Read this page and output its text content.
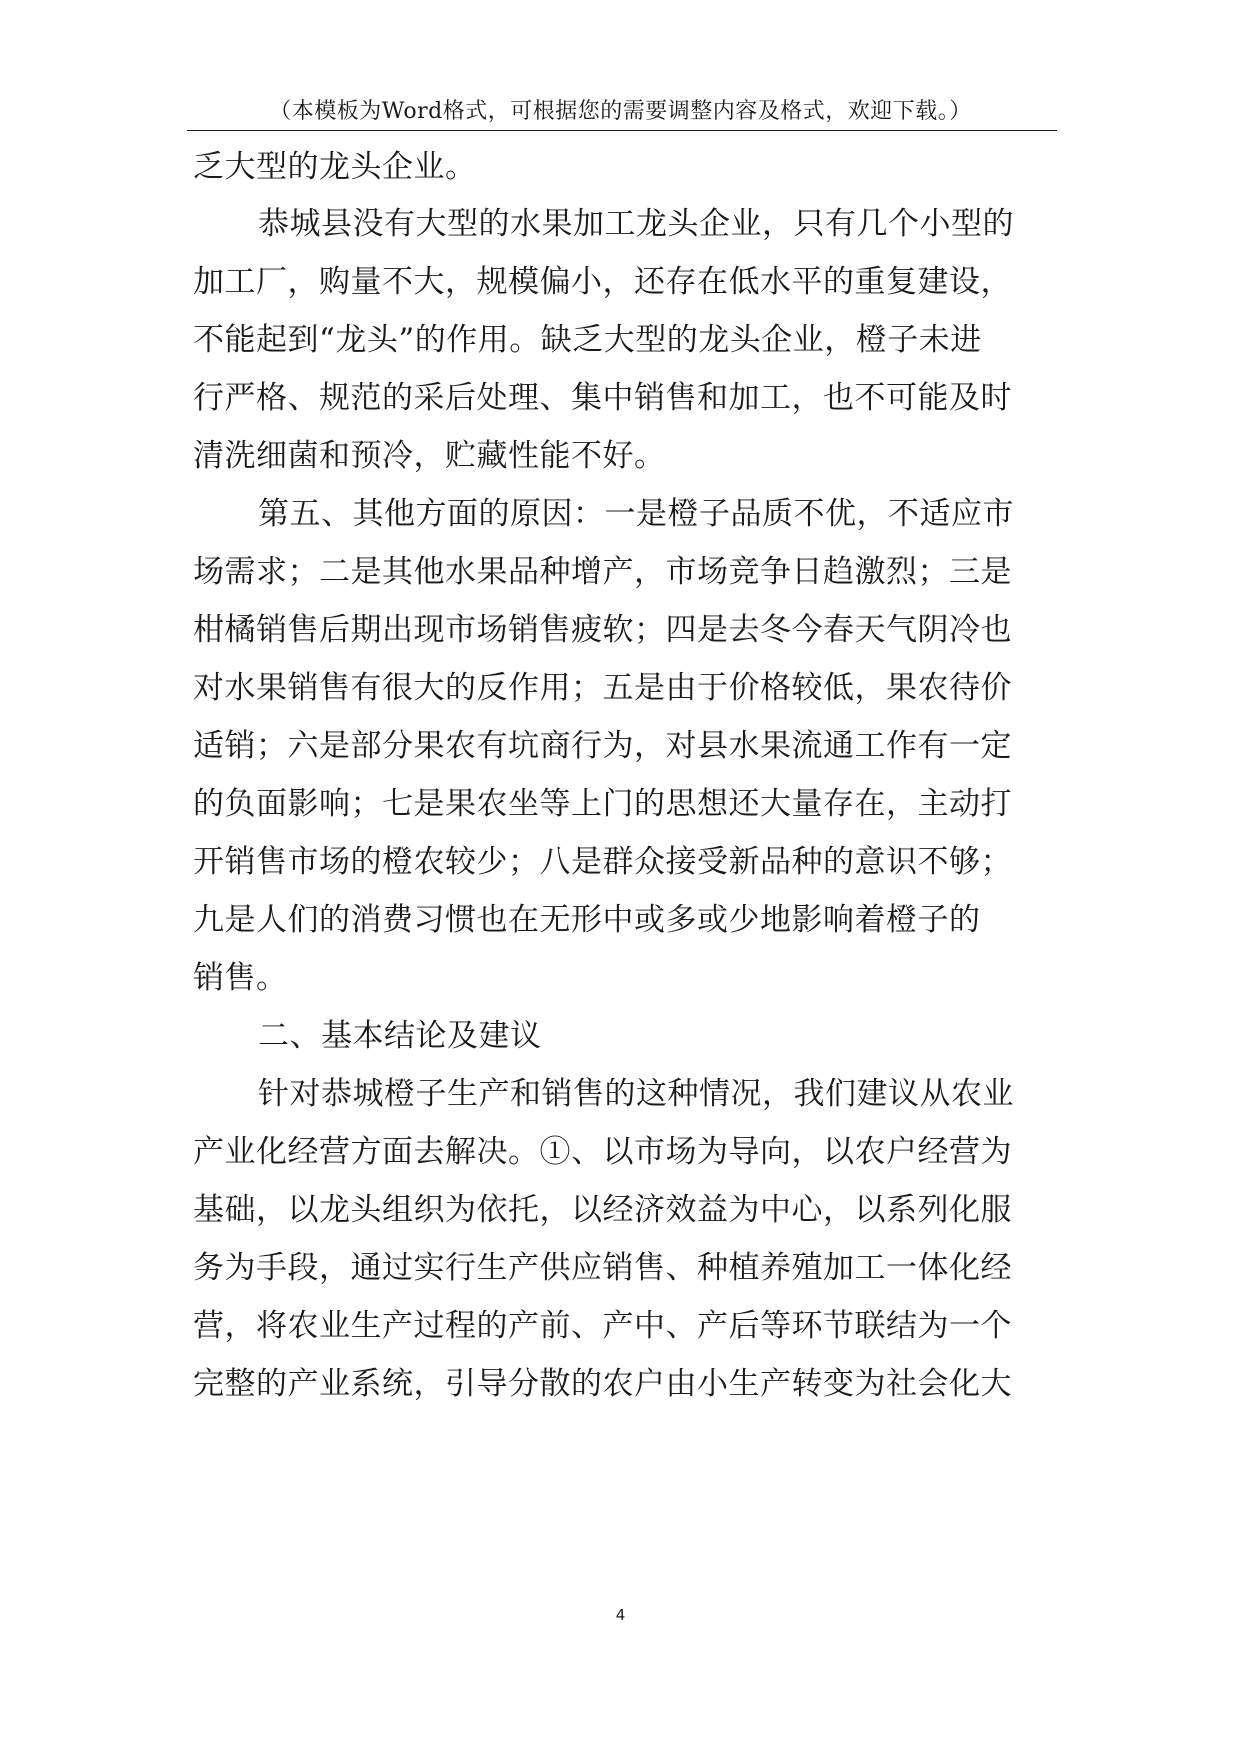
（本模板为Word格式，可根据您的需要调整内容及格式，欢迎下载。）
乏大型的龙头企业。
恭城县没有大型的水果加工龙头企业，只有几个小型的
加工厂，购量不大，规模偏小，还存在低水平的重复建设，
不能起到“龙头”的作用。缺乏大型的龙头企业，橙子未进
行严格、规范的采后处理、集中销售和加工，也不可能及时
清洗细菌和预冷，贮藏性能不好。
第五、其他方面的原因：一是橙子品质不优，不适应市
场需求；二是其他水果品种增产，市场竞争日趋激烈；三是
柑橘销售后期出现市场销售疲软；四是去冬今春天气阴冷也
对水果销售有很大的反作用；五是由于价格较低，果农待价
适销；六是部分果农有坑商行为，对县水果流通工作有一定
的负面影响；七是果农坐等上门的思想还大量存在，主动打
开销售市场的橙农较少；八是群众接受新品种的意识不够；
九是人们的消费习惯也在无形中或多或少地影响着橙子的
销售。
二、基本结论及建议
针对恭城橙子生产和销售的这种情况，我们建议从农业
产业化经营方面去解决。①、以市场为导向，以农户经营为
基础，以龙头组织为依托，以经济效益为中心，以系列化服
务为手段，通过实行生产供应销售、种植养殖加工一体化经
营，将农业生产过程的产前、产中、产后等环节联结为一个
完整的产业系统，引导分散的农户由小生产转变为社会化大
4
